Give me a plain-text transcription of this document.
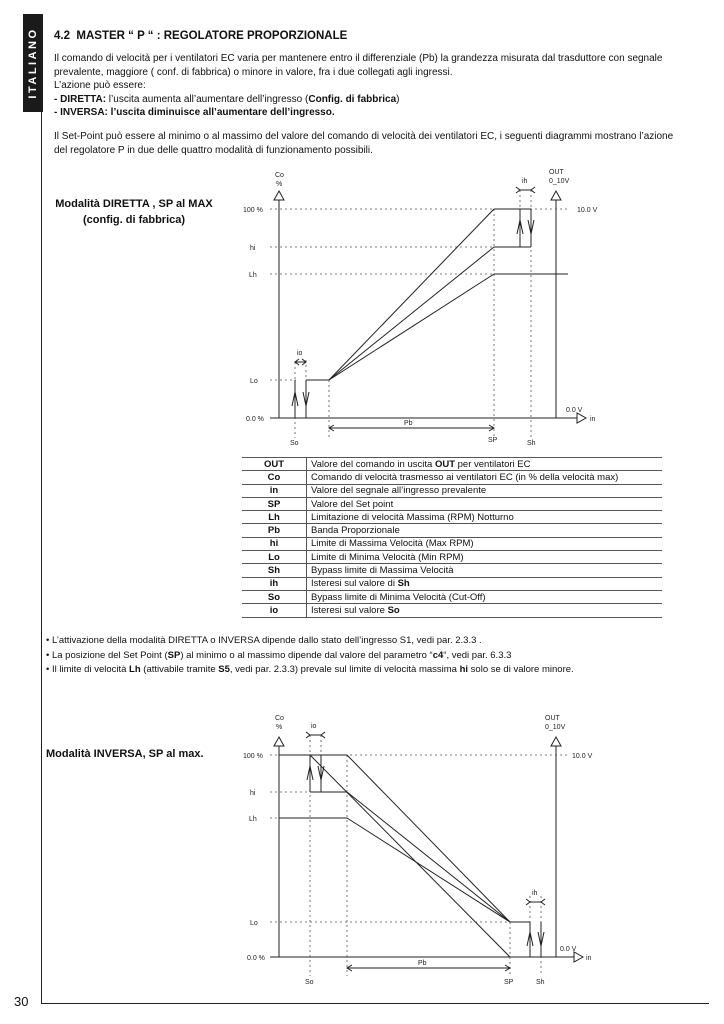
ITALIANO
30
4.2 MASTER “ P “ : REGOLATORE PROPORZIONALE

Il comando di velocità per i ventilatori EC varia per mantenere entro il differenziale (Pb) la grandezza misurata dal trasduttore con segnale

prevalente, maggiore ( conf. di fabbrica) o minore in valore, fra i due collegati agli ingressi.

L’azione può essere:

- DIRETTA: l’uscita aumenta all’aumentare dell’ingresso (Config. di fabbrica)

- INVERSA: l’uscita diminuisce all’aumentare dell’ingresso.

Il Set-Point può essere al minimo o al massimo del valore del comando di velocità dei ventilatori EC, i seguenti diagrammi mostrano l’azione

del regolatore P in due delle quattro modalità di funzionamento possibili.

Modalità DIRETTA , SP al MAX
(config. di fabbrica)
Co
%
OUT
0_10V
100 %
hi
Lh
Lo
0.0 %
10.0 V
0.0 V
in
Pb
So	SP	Sh
ih
io
OUT	Valore del comando in uscita OUT per ventilatori EC
Co	Comando di velocità trasmesso ai ventilatori EC (in % della velocità max)
in	Valore del segnale all’ingresso prevalente
SP	Valore del Set point
Lh	Limitazione di velocità Massima (RPM) Notturno
Pb	Banda Proporzionale
hi	Limite di Massima Velocità (Max RPM)
Lo	Limite di Minima Velocità (Min RPM)
Sh	Bypass limite di Massima Velocità
ih	Isteresi sul valore di Sh
So	Bypass limite di Minima Velocità (Cut-Off)
io	Isteresi sul valore So
• L’attivazione della modalità DIRETTA o INVERSA dipende dallo stato dell’ingresso S1, vedi par. 2.3.3 .
• La posizione del Set Point (SP) al minimo o al massimo dipende dal valore del parametro “c4“, vedi par. 6.3.3
• Il limite di velocità Lh (attivabile tramite S5, vedi par. 2.3.3) prevale sul limite di velocità massima hi solo se di valore minore.
Modalità INVERSA, SP al max.
Co
%
OUT
0_10V
100 %
hi
Lh
Lo
0.0 %
10.0 V
0.0 V
in
Pb
So	SP	Sh
ih
io
